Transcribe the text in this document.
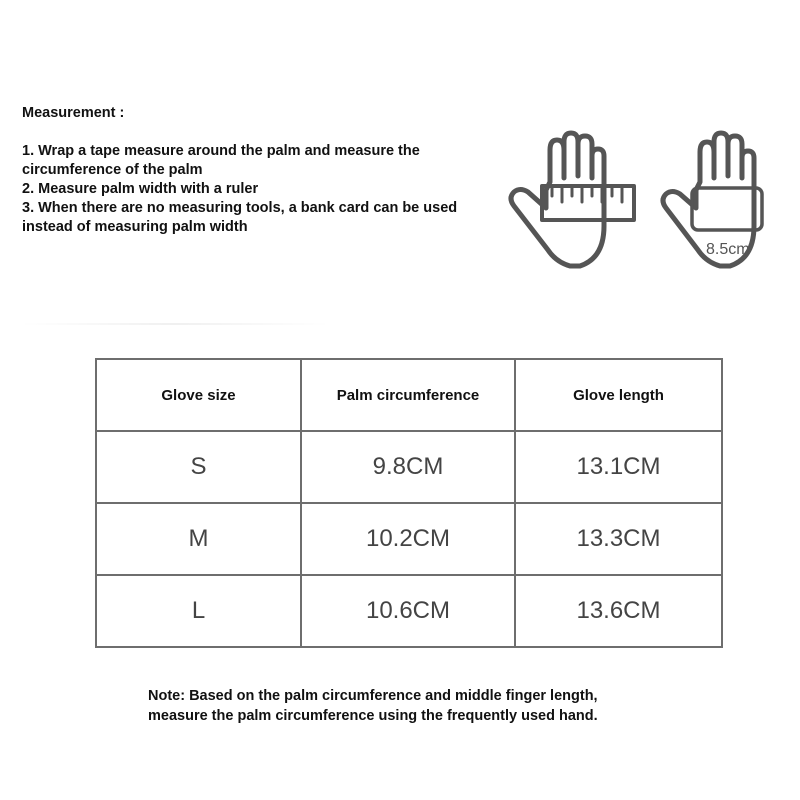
Measurement :

1. Wrap a tape measure around the palm and measure the circumference of the palm

2. Measure palm width with a ruler

3. When there are no measuring tools, a bank card can be used instead of measuring palm width

8.5cm
Glove size	Palm circumference	Glove length
S	9.8CM	13.1CM
M	10.2CM	13.3CM
L	10.6CM	13.6CM
Note: Based on the palm circumference and middle finger length,
measure the palm circumference using the frequently used hand.
